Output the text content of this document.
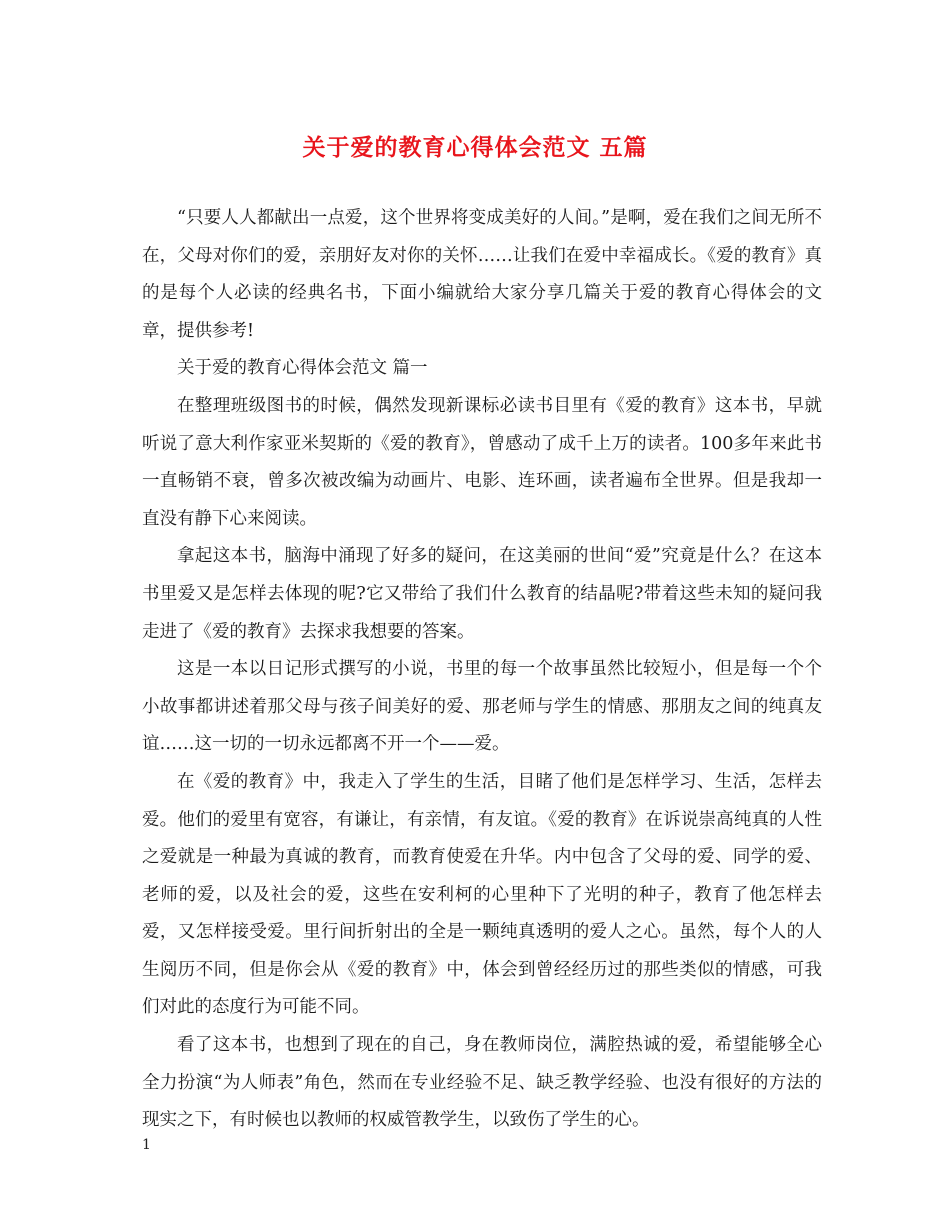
关于爱的教育心得体会范文 五篇

“只要人人都献出一点爱，这个世界将变成美好的人间。”是啊，爱在我们之间无所不在，父母对你们的爱，亲朋好友对你的关怀……让我们在爱中幸福成长。《爱的教育》真的是每个人必读的经典名书，下面小编就给大家分享几篇关于爱的教育心得体会的文章，提供参考!

关于爱的教育心得体会范文 篇一

在整理班级图书的时候，偶然发现新课标必读书目里有《爱的教育》这本书，早就听说了意大利作家亚米契斯的《爱的教育》，曾感动了成千上万的读者。100多年来此书一直畅销不衰，曾多次被改编为动画片、电影、连环画，读者遍布全世界。但是我却一直没有静下心来阅读。

拿起这本书，脑海中涌现了好多的疑问，在这美丽的世间“爱”究竟是什么？在这本书里爱又是怎样去体现的呢?它又带给了我们什么教育的结晶呢?带着这些未知的疑问我走进了《爱的教育》去探求我想要的答案。

这是一本以日记形式撰写的小说，书里的每一个故事虽然比较短小，但是每一个个小故事都讲述着那父母与孩子间美好的爱、那老师与学生的情感、那朋友之间的纯真友谊……这一切的一切永远都离不开一个——爱。

在《爱的教育》中，我走入了学生的生活，目睹了他们是怎样学习、生活，怎样去爱。他们的爱里有宽容，有谦让，有亲情，有友谊。《爱的教育》在诉说崇高纯真的人性之爱就是一种最为真诚的教育，而教育使爱在升华。内中包含了父母的爱、同学的爱、老师的爱，以及社会的爱，这些在安利柯的心里种下了光明的种子，教育了他怎样去爱，又怎样接受爱。里行间折射出的全是一颗纯真透明的爱人之心。虽然，每个人的人生阅历不同，但是你会从《爱的教育》中，体会到曾经经历过的那些类似的情感，可我们对此的态度行为可能不同。

看了这本书，也想到了现在的自己，身在教师岗位，满腔热诚的爱，希望能够全心全力扮演“为人师表”角色，然而在专业经验不足、缺乏教学经验、也没有很好的方法的现实之下，有时候也以教师的权威管教学生，以致伤了学生的心。

1
